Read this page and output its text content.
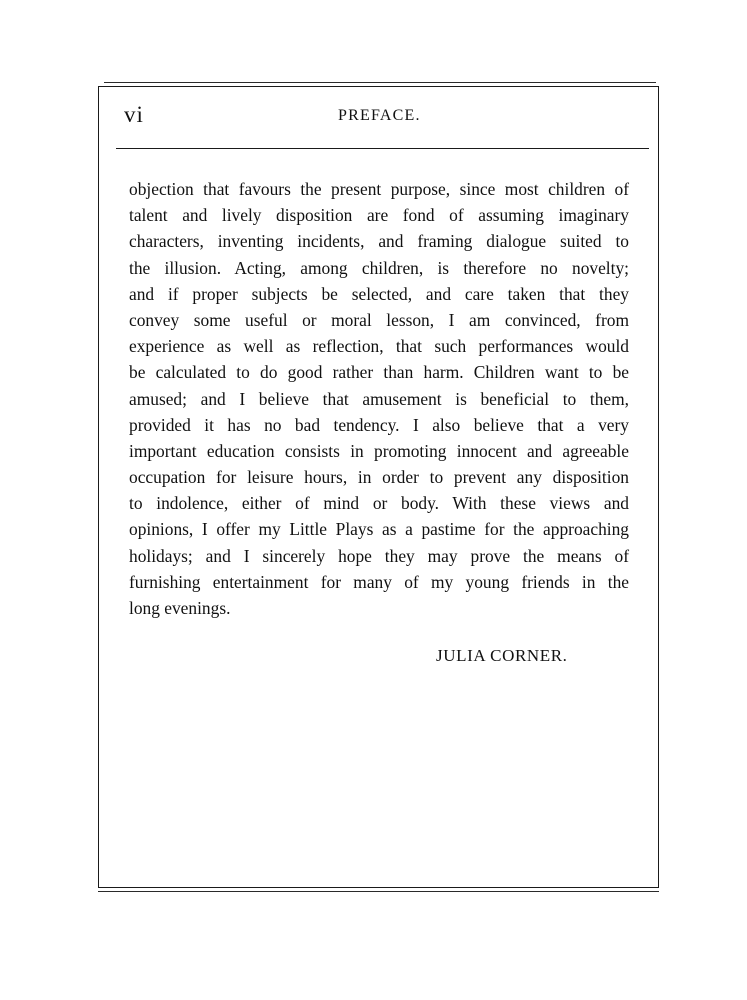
vi	PREFACE.
objection that favours the present purpose, since most children of
talent and lively disposition are fond of assuming imaginary
characters, inventing incidents, and framing dialogue suited to
the illusion. Acting, among children, is therefore no novelty;
and if proper subjects be selected, and care taken that they
convey some useful or moral lesson, I am convinced, from
experience as well as reflection, that such performances would
be calculated to do good rather than harm. Children want to be
amused; and I believe that amusement is beneficial to them,
provided it has no bad tendency. I also believe that a very
important education consists in promoting innocent and agreeable
occupation for leisure hours, in order to prevent any disposition
to indolence, either of mind or body. With these views and
opinions, I offer my Little Plays as a pastime for the approaching
holidays; and I sincerely hope they may prove the means of
furnishing entertainment for many of my young friends in the
long evenings.
JULIA CORNER.
